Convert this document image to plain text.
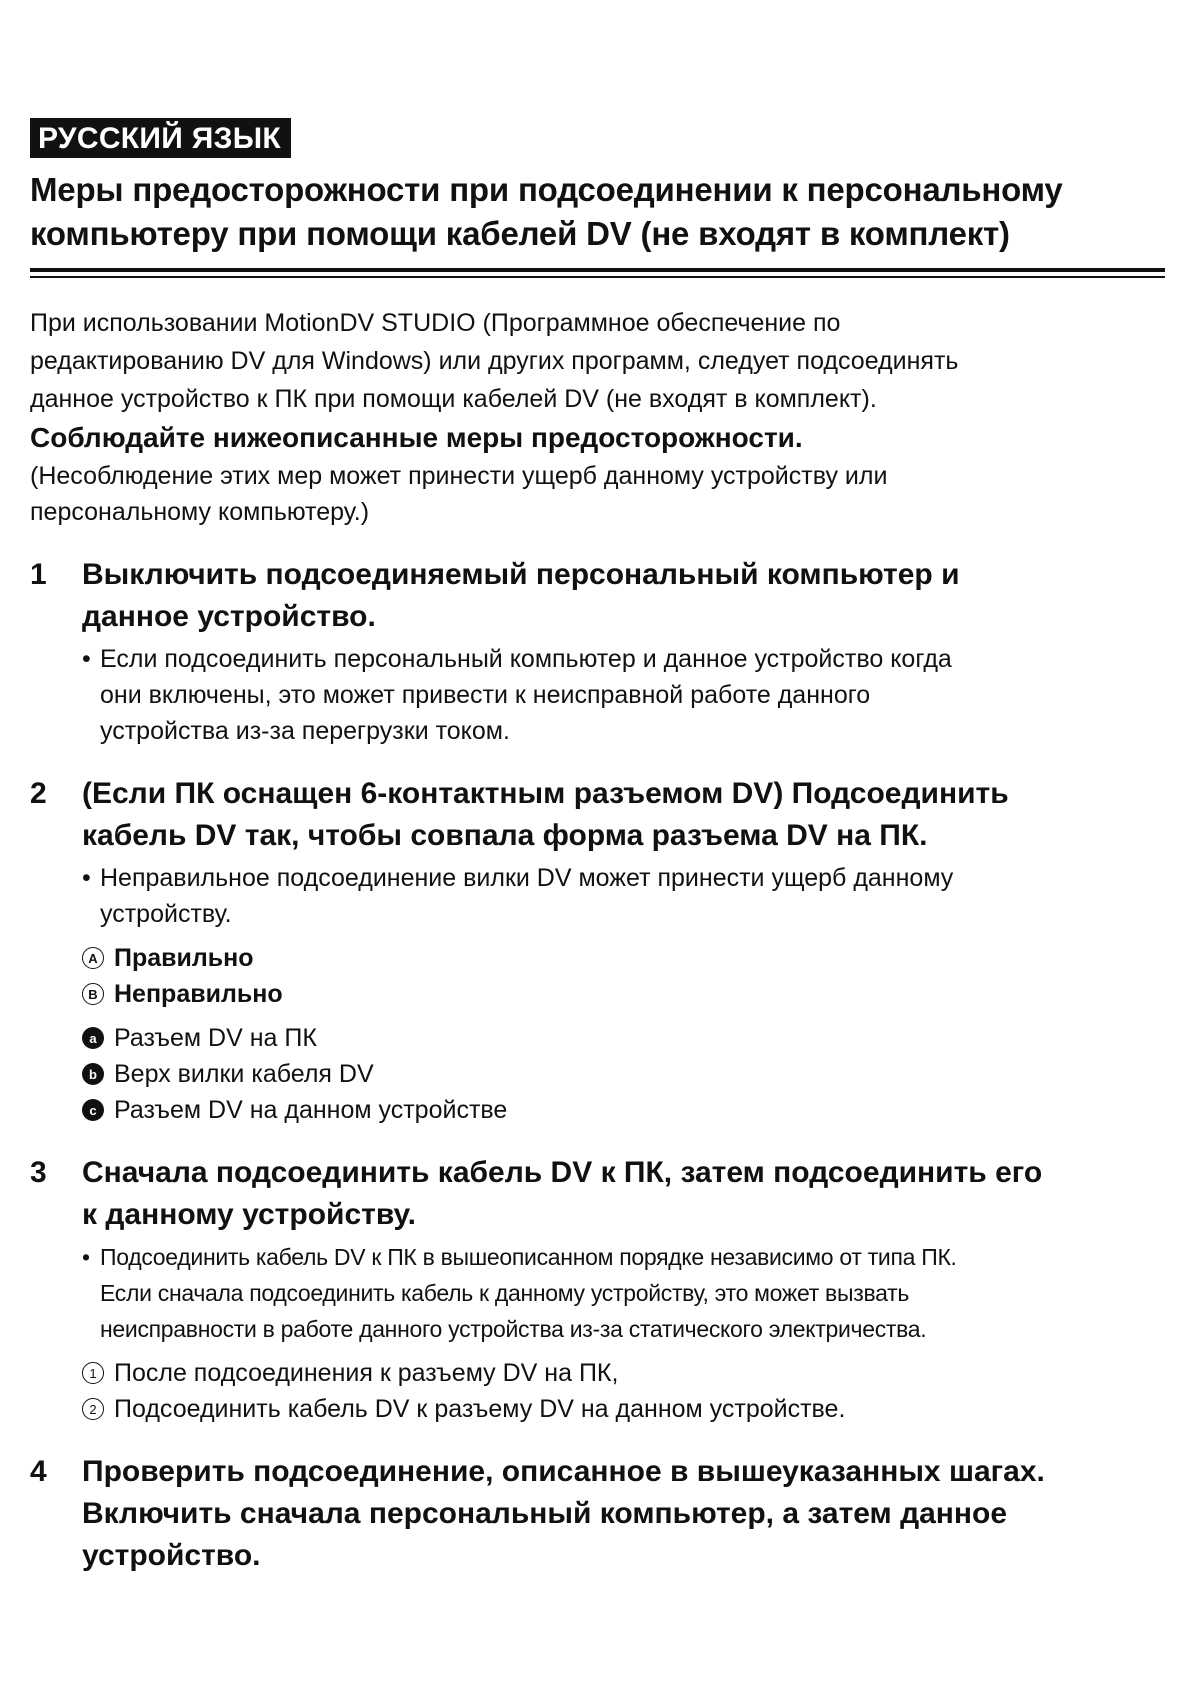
РУССКИЙ ЯЗЫК
Меры предосторожности при подсоединении к персональному
компьютеру при помощи кабелей DV (не входят в комплект)
При использовании MotionDV STUDIO (Программное обеспечение по
редактированию DV для Windows) или других программ, следует подсоединять
данное устройство к ПК при помощи кабелей DV (не входят в комплект).
Соблюдайте нижеописанные меры предосторожности.
(Несоблюдение этих мер может принести ущерб данному устройству или
персональному компьютеру.)
1 Выключить подсоединяемый персональный компьютер и
данное устройство.
• Если подсоединить персональный компьютер и данное устройство когда
они включены, это может привести к неисправной работе данного
устройства из-за перегрузки током.
2 (Если ПК оснащен 6-контактным разъемом DV) Подсоединить
кабель DV так, чтобы совпала форма разъема DV на ПК.
• Неправильное подсоединение вилки DV может принести ущерб данному
устройству.
A Правильно
B Неправильно
a Разъем DV на ПК
b Верх вилки кабеля DV
c Разъем DV на данном устройстве
3 Сначала подсоединить кабель DV к ПК, затем подсоединить его
к данному устройству.
• Подсоединить кабель DV к ПК в вышеописанном порядке независимо от типа ПК.
Если сначала подсоединить кабель к данному устройству, это может вызвать
неисправности в работе данного устройства из-за статического электричества.
1 После подсоединения к разъему DV на ПК,
2 Подсоединить кабель DV к разъему DV на данном устройстве.
4 Проверить подсоединение, описанное в вышеуказанных шагах.
Включить сначала персональный компьютер, а затем данное
устройство.
